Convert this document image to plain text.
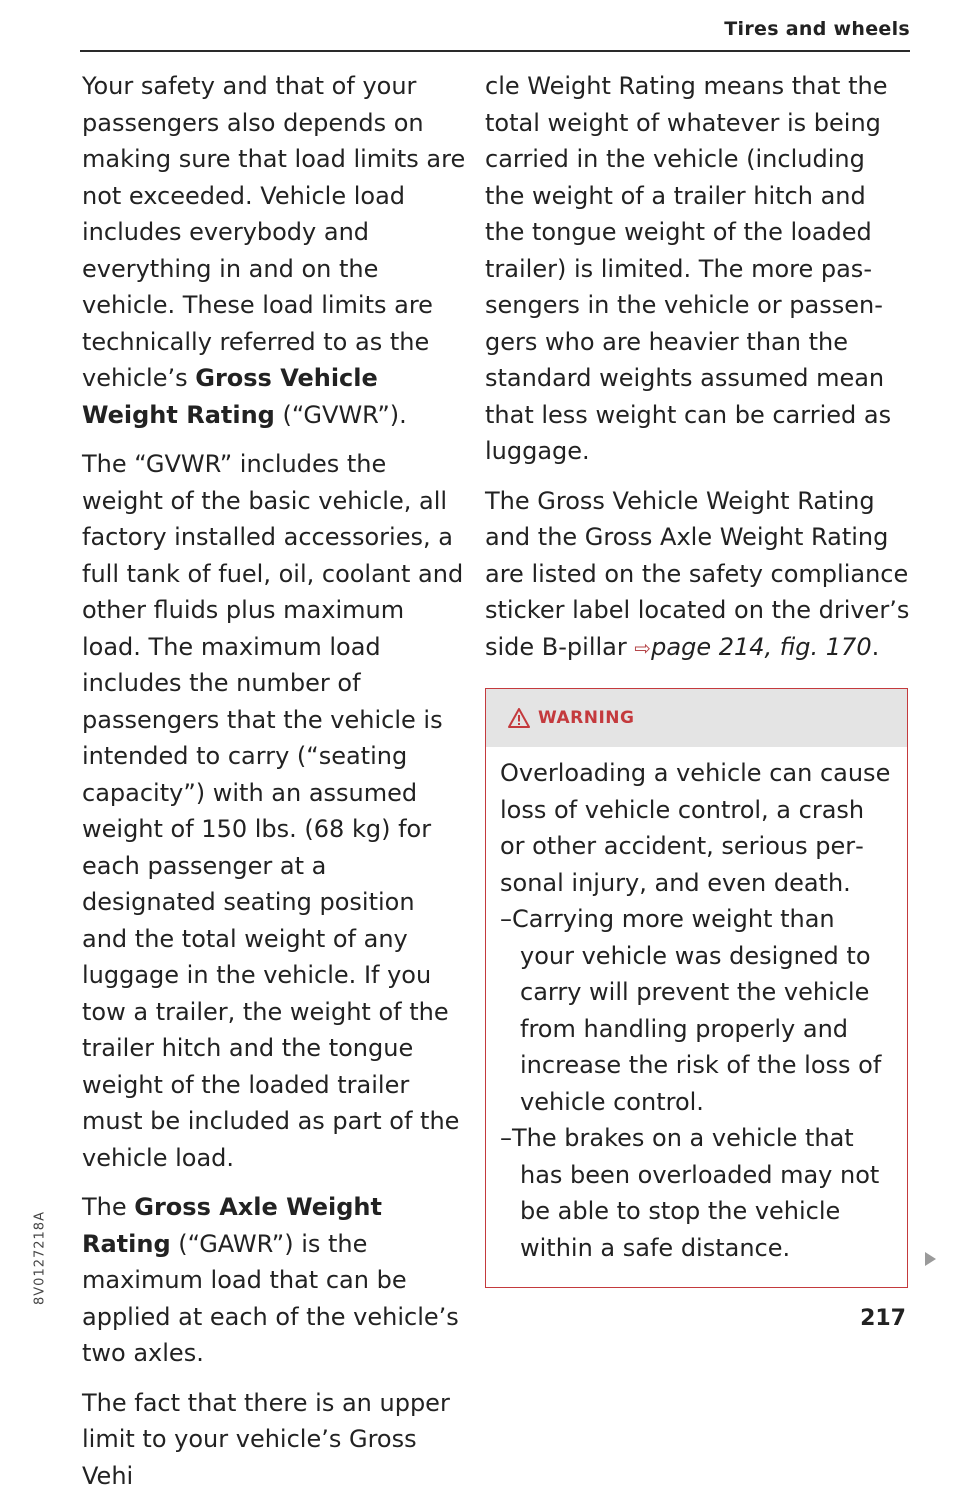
Tires and wheels

Your safety and that of your passengers also depends on making sure that load limits are not exceeded. Vehicle load includes everybody and everything in and on the vehicle. These load limits are technically referred to as the vehicle’s Gross Vehicle Weight Rating (“GVWR”).

The “GVWR” includes the weight of the basic vehicle, all factory installed accessories, a full tank of fuel, oil, coolant and other fluids plus maximum load. The maximum load includes the number of passengers that the vehicle is intended to carry (“seating capacity”) with an assumed weight of 150 lbs. (68 kg) for each passenger at a designated seating position and the total weight of any luggage in the vehicle. If you tow a trailer, the weight of the trailer hitch and the tongue weight of the loaded trailer must be included as part of the vehicle load.

The Gross Axle Weight Rating (“GAWR”) is the maximum load that can be applied at each of the vehicle’s two axles.

The fact that there is an upper limit to your vehicle’s Gross Vehi

cle Weight Rating means that the total weight of whatever is being carried in the vehicle (including the weight of a trailer hitch and the tongue weight of the loaded trailer) is limited. The more passengers in the vehicle or passengers who are heavier than the standard weights assumed mean that less weight can be carried as luggage.

The Gross Vehicle Weight Rating and the Gross Axle Weight Rating are listed on the safety compliance sticker label located on the driver’s side B-pillar ⇨page 214, fig. 170.

WARNING

Overloading a vehicle can cause loss of vehicle control, a crash or other accident, serious personal injury, and even death.

–Carrying more weight than your vehicle was designed to carry will prevent the vehicle from handling properly and increase the risk of the loss of vehicle control.
–The brakes on a vehicle that has been overloaded may not be able to stop the vehicle within a safe distance.
8V0127218A
217
